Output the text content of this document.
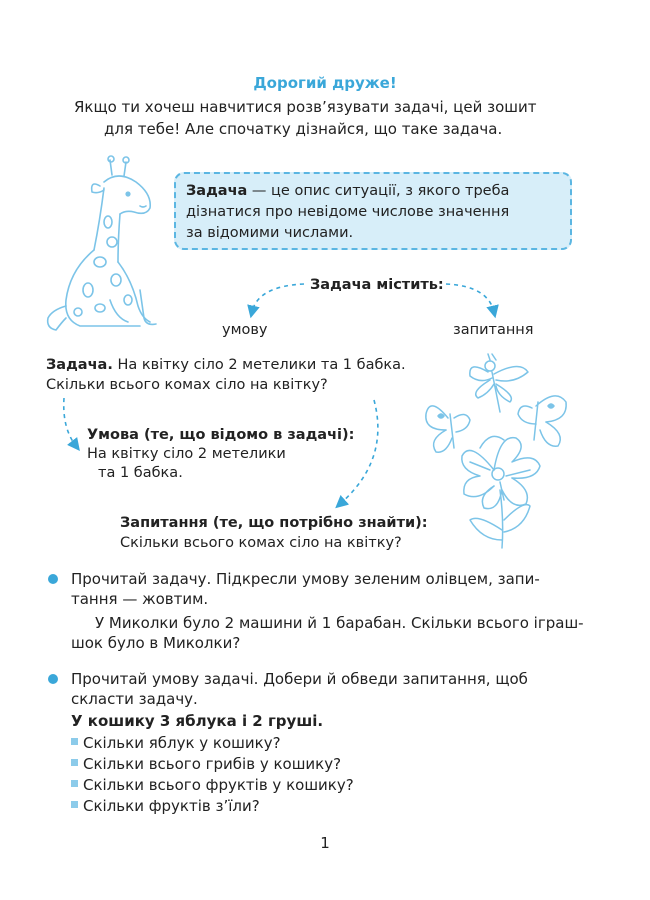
Дорогий друже!
Якщо ти хочеш навчитися розв’язувати задачі, цей зошит
для тебе! Але спочатку дізнайся, що таке задача.
Задача — це опис ситуації, з якого треба
дізнатися про невідоме числове значення
за відомими числами.
Задача містить:
умову	запитання
Задача. На квітку сіло 2 метелики та 1 бабка.
Скільки всього комах сіло на квітку?
Умова (те, що відомо в задачі):
На квітку сіло 2 метелики
та 1 бабка.
Запитання (те, що потрібно знайти):
Скільки всього комах сіло на квітку?
Прочитай задачу. Підкресли умову зеленим олівцем, запи-
тання — жовтим.
У Миколки було 2 машини й 1 барабан. Скільки всього іграш-
шок було в Миколки?
Прочитай умову задачі. Добери й обведи запитання, щоб
скласти задачу.
У кошику 3 яблука і 2 груші.
Скільки яблук у кошику?
Скільки всього грибів у кошику?
Скільки всього фруктів у кошику?
Скільки фруктів з’їли?
1
